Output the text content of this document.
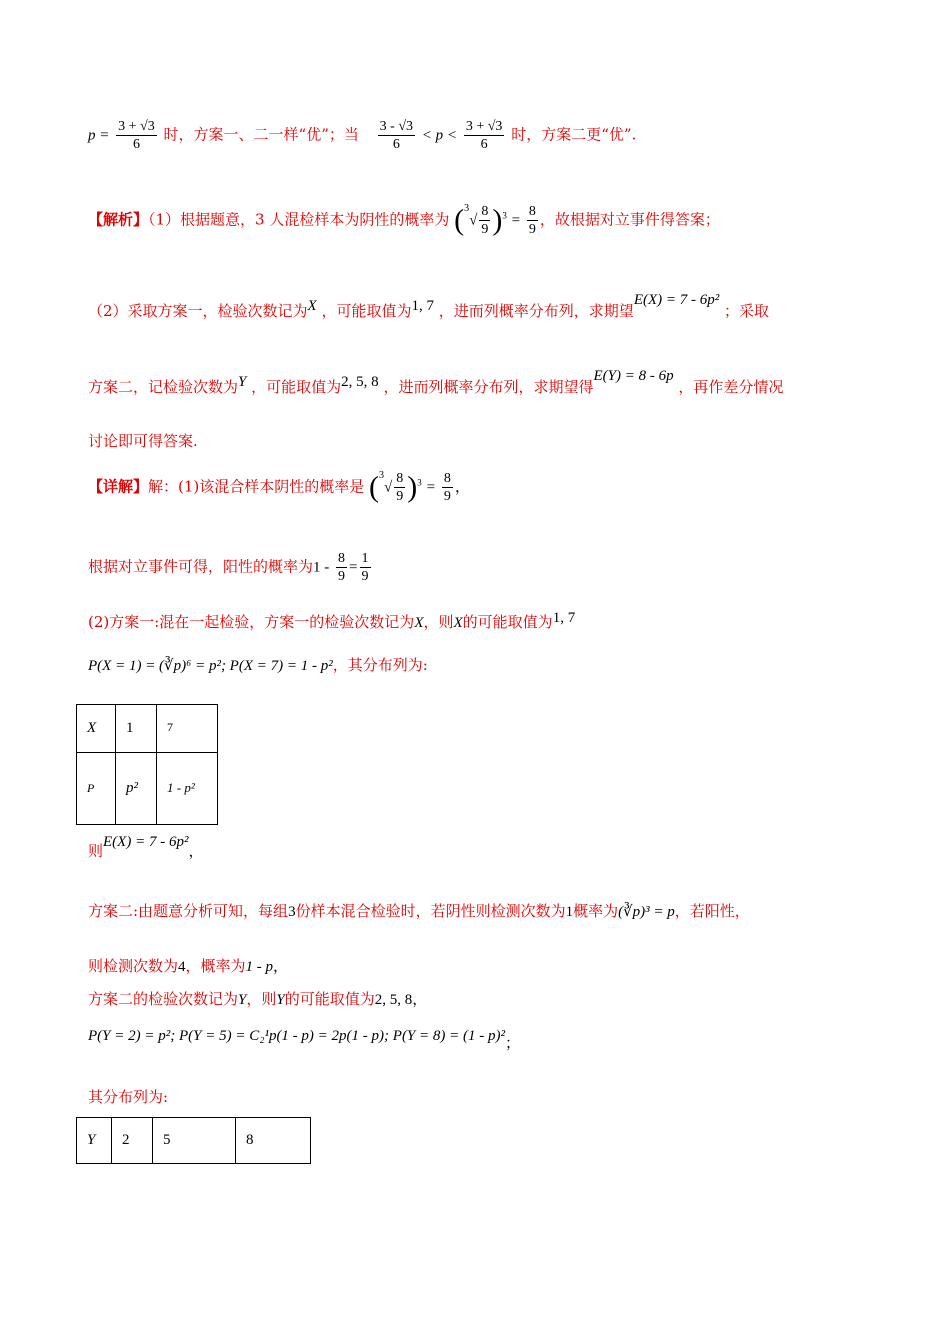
$p = \frac{3 + √3}{6}$ 时，方案一、二一样“优”；当 $\frac{3 - √3}{6} < p < \frac{3 + √3}{6}$ 时，方案二更“优”.
【解析】（1）根据题意，3 人混检样本为阴性的概率为 $(^3√ \frac{8}{9} )^3 = \frac{8}{9}$ ，故根据对立事件得答案；
（2）采取方案一，检验次数记为X ，可能取值为1, 7 ，进而列概率分布列，求期望E(X) = 7 - 6p² ；采取
方案二，记检验次数为Y ，可能取值为2, 5, 8 ，进而列概率分布列，求期望得E(Y) = 8 - 6p ，再作差分情况
讨论即可得答案.
【详解】解：(1)该混合样本阴性的概率是 $(^3√ \frac{8}{9} )^3 = \frac{8}{9}$ ，
根据对立事件可得，阳性的概率为$1 - \frac{8}{9} = \frac{1}{9}$
(2)方案一:混在一起检验，方案一的检验次数记为X，则X的可能取值为1, 7
P(X = 1) = (∛p)⁶ = p²; P(X = 7) = 1 - p²，其分布列为:
X	1	$^7$
P	p²	1 - p²
则E(X) = 7 - 6p²，
方案二:由题意分析可知，每组3份样本混合检验时，若阴性则检测次数为1概率为(∛p)³ = p，若阳性，
则检测次数为4，概率为1 - p，
方案二的检验次数记为Y，则Y的可能取值为2, 5, 8，
P(Y = 2) = p²; P(Y = 5) = C₂¹p(1 - p) = 2p(1 - p); P(Y = 8) = (1 - p)²；
其分布列为:
Y	2	5	8
